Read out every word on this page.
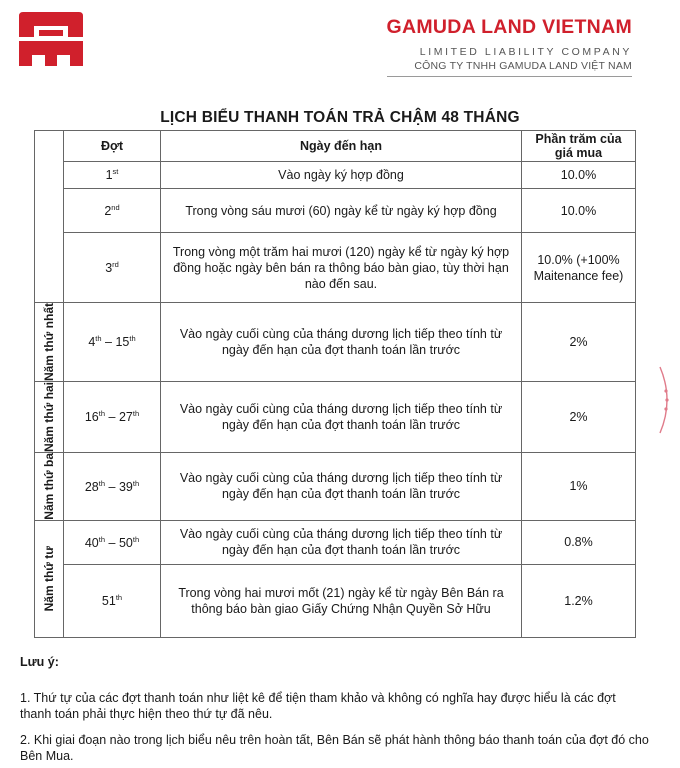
GAMUDA LAND VIETNAM
LIMITED LIABILITY COMPANY
CÔNG TY TNHH GAMUDA LAND VIỆT NAM
LỊCH BIỂU THANH TOÁN TRẢ CHẬM 48 THÁNG
	Đợt	Ngày đến hạn	Phần trăm của giá mua
	1st	Vào ngày ký hợp đồng	10.0%
	2nd	Trong vòng sáu mươi (60) ngày kể từ ngày ký hợp đồng	10.0%
	3rd	Trong vòng một trăm hai mươi (120) ngày kể từ ngày ký hợp đồng hoặc ngày bên bán ra thông báo bàn giao, tùy thời hạn nào đến sau.	10.0% (+100% Maitenance fee)

Năm thứ nhất	4th – 15th	Vào ngày cuối cùng của tháng dương lịch tiếp theo tính từ ngày đến hạn của đợt thanh toán lần trước	2%

Năm thứ hai	16th – 27th	Vào ngày cuối cùng của tháng dương lịch tiếp theo tính từ ngày đến hạn của đợt thanh toán lần trước	2%

Năm thứ ba	28th – 39th	Vào ngày cuối cùng của tháng dương lịch tiếp theo tính từ ngày đến hạn của đợt thanh toán lần trước	1%

Năm thứ tư	40th – 50th	Vào ngày cuối cùng của tháng dương lịch tiếp theo tính từ ngày đến hạn của đợt thanh toán lần trước	0.8%
	51th	Trong vòng hai mươi mốt (21) ngày kể từ ngày Bên Bán ra thông báo bàn giao Giấy Chứng Nhận Quyền Sở Hữu	1.2%

Lưu ý:

1. Thứ tự của các đợt thanh toán như liệt kê để tiện tham khảo và không có nghĩa hay được hiểu là các đợt thanh toán phải thực hiện theo thứ tự đã nêu.

2. Khi giai đoạn nào trong lịch biểu nêu trên hoàn tất, Bên Bán sẽ phát hành thông báo thanh toán của đợt đó cho Bên Mua.
